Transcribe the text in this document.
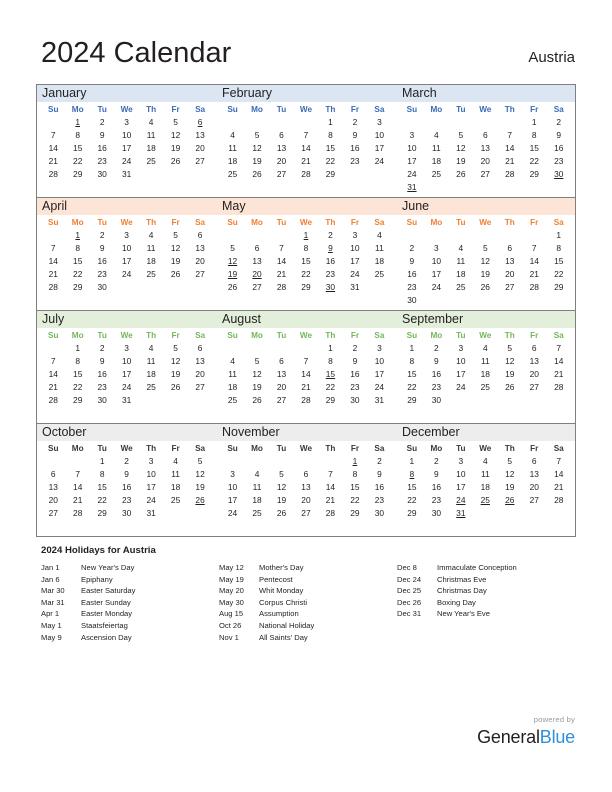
2024 Calendar	Austria
January	February	March
Su	Mo	Tu	We	Th	Fr	Sa
	1	2	3	4	5	6
7	8	9	10	11	12	13
14	15	16	17	18	19	20
21	22	23	24	25	26	27
28	29	30	31			

Su	Mo	Tu	We	Th	Fr	Sa
				1	2	3
4	5	6	7	8	9	10
11	12	13	14	15	16	17
18	19	20	21	22	23	24
25	26	27	28	29		

Su	Mo	Tu	We	Th	Fr	Sa
					1	2
3	4	5	6	7	8	9
10	11	12	13	14	15	16
17	18	19	20	21	22	23
24	25	26	27	28	29	30
31						
April	May	June
Su	Mo	Tu	We	Th	Fr	Sa
	1	2	3	4	5	6
7	8	9	10	11	12	13
14	15	16	17	18	19	20
21	22	23	24	25	26	27
28	29	30				

Su	Mo	Tu	We	Th	Fr	Sa
			1	2	3	4
5	6	7	8	9	10	11
12	13	14	15	16	17	18
19	20	21	22	23	24	25
26	27	28	29	30	31	

Su	Mo	Tu	We	Th	Fr	Sa
						1
2	3	4	5	6	7	8
9	10	11	12	13	14	15
16	17	18	19	20	21	22
23	24	25	26	27	28	29
30						
July	August	September
Su	Mo	Tu	We	Th	Fr	Sa
	1	2	3	4	5	6
7	8	9	10	11	12	13
14	15	16	17	18	19	20
21	22	23	24	25	26	27
28	29	30	31			

Su	Mo	Tu	We	Th	Fr	Sa
				1	2	3
4	5	6	7	8	9	10
11	12	13	14	15	16	17
18	19	20	21	22	23	24
25	26	27	28	29	30	31

Su	Mo	Tu	We	Th	Fr	Sa
1	2	3	4	5	6	7
8	9	10	11	12	13	14
15	16	17	18	19	20	21
22	23	24	25	26	27	28
29	30					

October	November	December
Su	Mo	Tu	We	Th	Fr	Sa
		1	2	3	4	5
6	7	8	9	10	11	12
13	14	15	16	17	18	19
20	21	22	23	24	25	26
27	28	29	30	31		

Su	Mo	Tu	We	Th	Fr	Sa
					1	2
3	4	5	6	7	8	9
10	11	12	13	14	15	16
17	18	19	20	21	22	23
24	25	26	27	28	29	30

Su	Mo	Tu	We	Th	Fr	Sa
1	2	3	4	5	6	7
8	9	10	11	12	13	14
15	16	17	18	19	20	21
22	23	24	25	26	27	28
29	30	31				

2024 Holidays for Austria
Jan 1	New Year's Day
Jan 6	Epiphany
Mar 30	Easter Saturday
Mar 31	Easter Sunday
Apr 1	Easter Monday
May 1	Staatsfeiertag
May 9	Ascension Day
May 12	Mother's Day
May 19	Pentecost
May 20	Whit Monday
May 30	Corpus Christi
Aug 15	Assumption
Oct 26	National Holiday
Nov 1	All Saints' Day
Dec 8	Immaculate Conception
Dec 24	Christmas Eve
Dec 25	Christmas Day
Dec 26	Boxing Day
Dec 31	New Year's Eve
powered by
GeneralBlue
